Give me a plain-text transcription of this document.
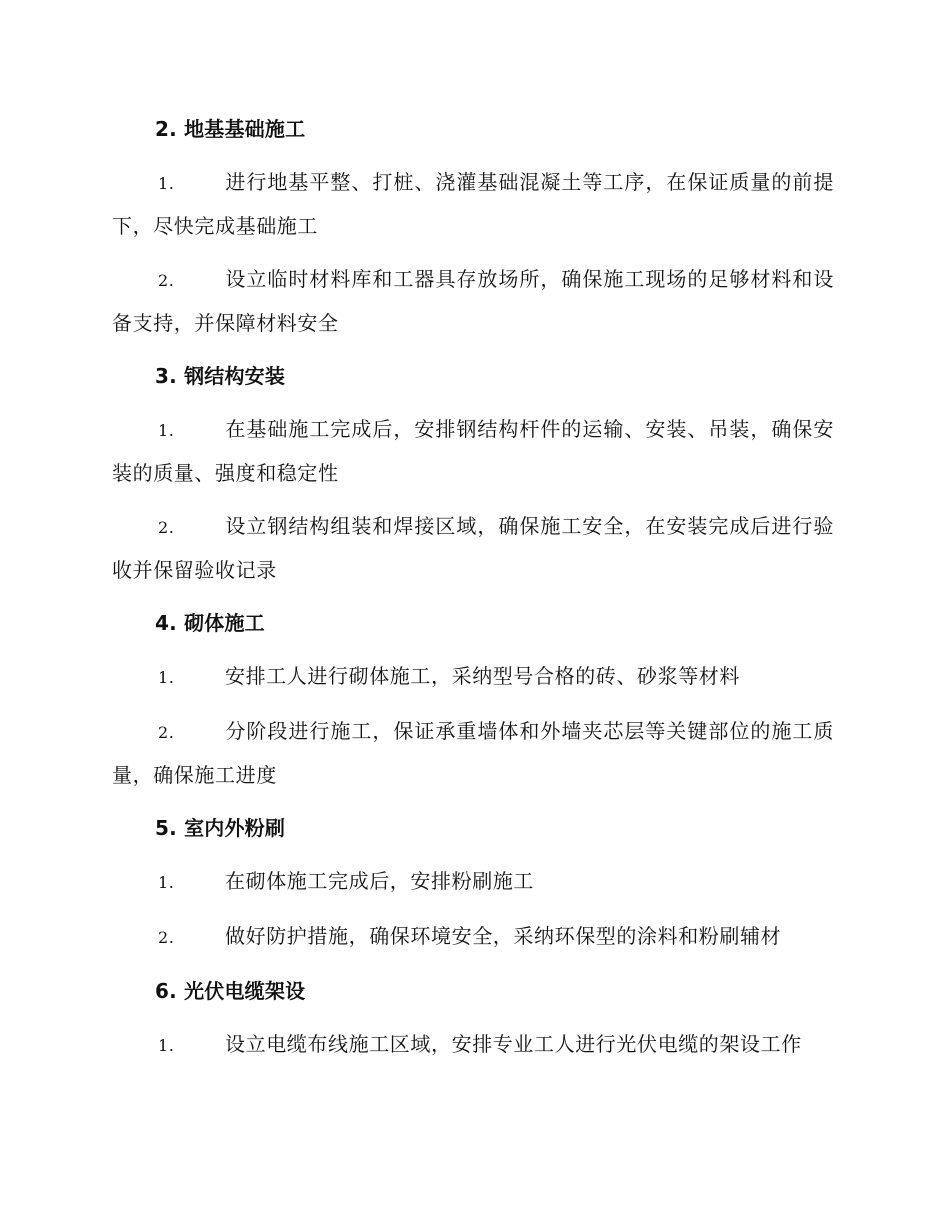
2. 地基基础施工
1.	进行地基平整、打桩、浇灌基础混凝土等工序，在保证质量的前提下，尽快完成基础施工
2.	设立临时材料库和工器具存放场所，确保施工现场的足够材料和设备支持，并保障材料安全
3. 钢结构安装
1.	在基础施工完成后，安排钢结构杆件的运输、安装、吊装，确保安装的质量、强度和稳定性
2.	设立钢结构组装和焊接区域，确保施工安全，在安装完成后进行验收并保留验收记录
4. 砌体施工
1.	安排工人进行砌体施工，采纳型号合格的砖、砂浆等材料
2.	分阶段进行施工，保证承重墙体和外墙夹芯层等关键部位的施工质量，确保施工进度
5. 室内外粉刷
1.	在砌体施工完成后，安排粉刷施工
2.	做好防护措施，确保环境安全，采纳环保型的涂料和粉刷辅材
6. 光伏电缆架设
1.	设立电缆布线施工区域，安排专业工人进行光伏电缆的架设工作
